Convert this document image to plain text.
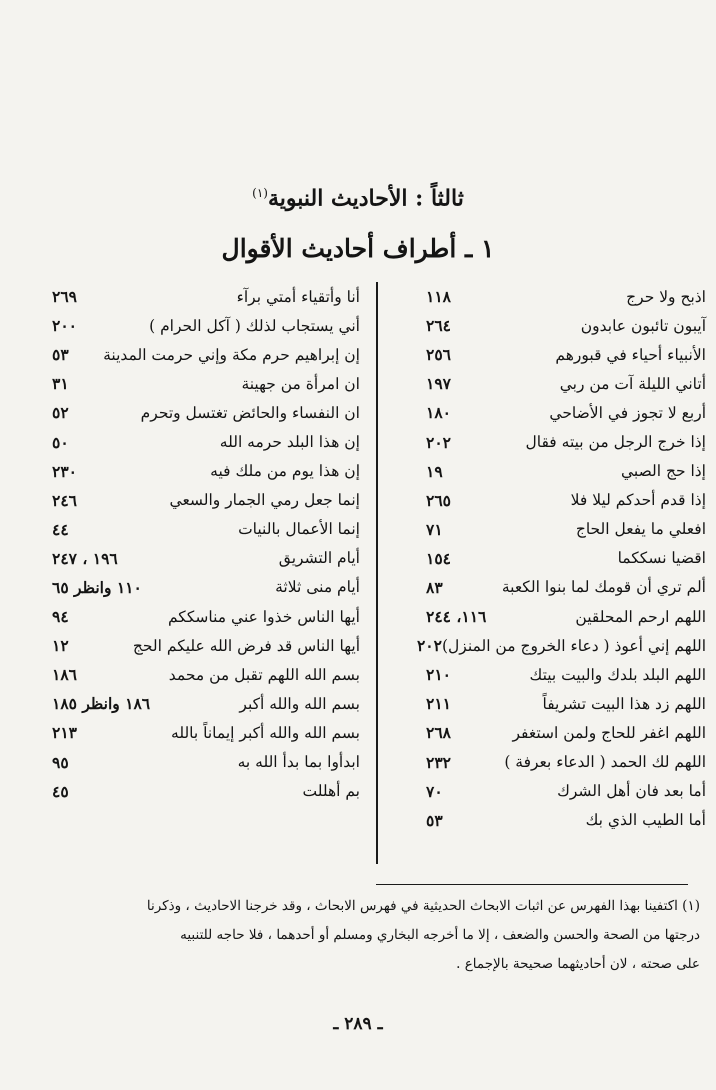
ثالثاً : الأحاديث النبوية$^{(١)}$
١ ـ أطراف أحاديث الأقوال
اذبح ولا حرج
١١٨
آيبون تائبون عابدون
٢٦٤
الأنبياء أحياء في قبورهم
٢٥٦
أتاني الليلة آت من ربي
١٩٧
أربع لا تجوز في الأضاحي
١٨٠
إذا خرج الرجل من بيته فقال
٢٠٢
إذا حج الصبي
١٩
إذا قدم أحدكم ليلا فلا
٢٦٥
افعلي ما يفعل الحاج
٧١
اقضيا نسككما
١٥٤
ألم تري أن قومك لما بنوا الكعبة
٨٣
اللهم ارحم المحلقين
١١٦، ٢٤٤
اللهم إني أعوذ ( دعاء الخروج من المنزل)
٢٠٢
اللهم البلد بلدك والبيت بيتك
٢١٠
اللهم زد هذا البيت تشريفاً
٢١١
اللهم اغفر للحاج ولمن استغفر
٢٦٨
اللهم لك الحمد ( الدعاء بعرفة )
٢٣٢
أما بعد فان أهل الشرك
٧٠
أما الطيب الذي بك
٥٣
أنا وأتقياء أمتي برآء
٢٦٩
أني يستجاب لذلك ( آكل الحرام )
٢٠٠
إن إبراهيم حرم مكة وإني حرمت المدينة
٥٣
ان امرأة من جهينة
٣١
ان النفساء والحائض تغتسل وتحرم
٥٢
إن هذا البلد حرمه الله
٥٠
إن هذا يوم من ملك فيه
٢٣٠
إنما جعل رمي الجمار والسعي
٢٤٦
إنما الأعمال بالنيات
٤٤
أيام التشريق
١٩٦ ، ٢٤٧
أيام منى ثلاثة
١١٠ وانظر ٦٥
أيها الناس خذوا عني مناسككم
٩٤
أيها الناس قد فرض الله عليكم الحج
١٢
بسم الله اللهم تقبل من محمد
١٨٦
بسم الله والله أكبر
١٨٦ وانظر ١٨٥
بسم الله والله أكبر إيماناً بالله
٢١٣
ابدأوا بما بدأ الله به
٩٥
بم أهللت
٤٥

(١) اكتفينا بهذا الفهرس عن اثبات الابحاث الحديثية في فهرس الابحاث ، وقد خرجنا الاحاديث ، وذكرنا

درجتها من الصحة والحسن والضعف ، إلا ما أخرجه البخاري ومسلم أو أحدهما ، فلا حاجه للتنبيه

على صحته ، لان أحاديثهما صحيحة بالإجماع .

ـ ٢٨٩ ـ
